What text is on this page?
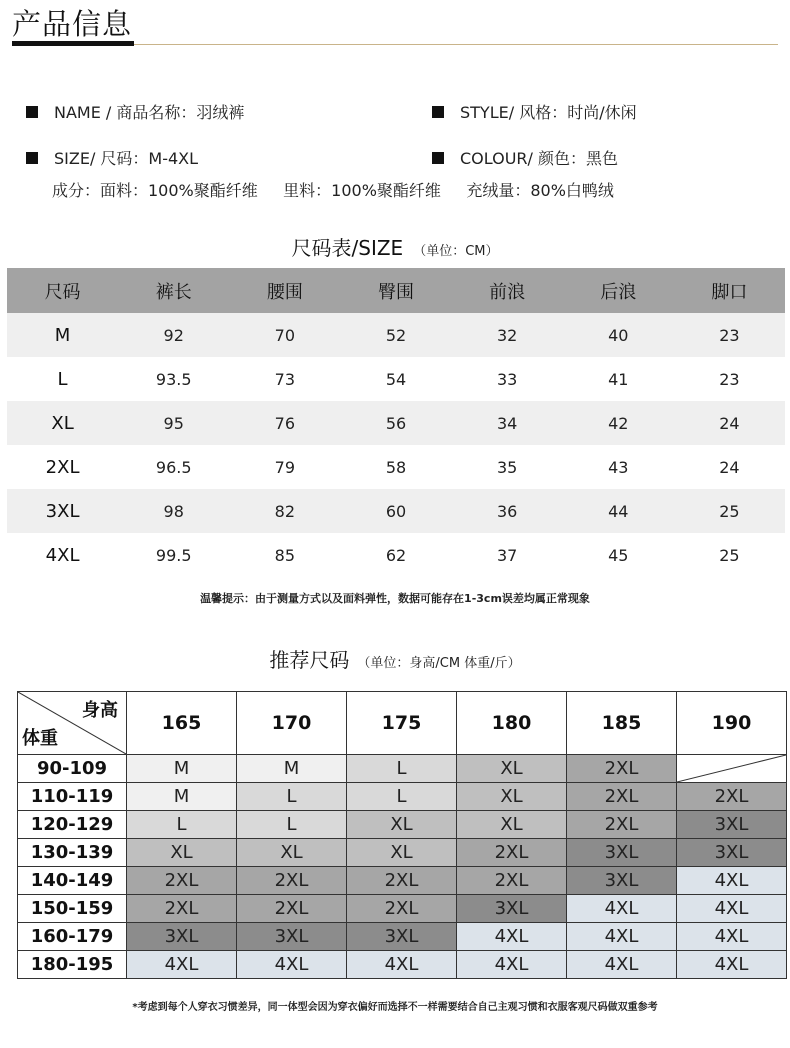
产品信息
NAME / 商品名称：羽绒裤	STYLE/ 风格：时尚/休闲
SIZE/ 尺码：M-4XL	COLOUR/ 颜色：黑色
成分：面料：100%聚酯纤维     里料：100%聚酯纤维     充绒量：80%白鸭绒
尺码表/SIZE （单位：CM）
尺码	裤长	腰围	臀围	前浪	后浪	脚口
M	92	70	52	32	40	23
L	93.5	73	54	33	41	23
XL	95	76	56	34	42	24
2XL	96.5	79	58	35	43	24
3XL	98	82	60	36	44	25
4XL	99.5	85	62	37	45	25
温馨提示：由于测量方式以及面料弹性，数据可能存在1-3cm误差均属正常现象
推荐尺码 （单位：身高/CM 体重/斤）
身高
体重	165	170	175	180	185	190
90-109	M	M	L	XL	2XL	

110-119	M	L	L	XL	2XL	2XL
120-129	L	L	XL	XL	2XL	3XL
130-139	XL	XL	XL	2XL	3XL	3XL
140-149	2XL	2XL	2XL	2XL	3XL	4XL
150-159	2XL	2XL	2XL	3XL	4XL	4XL
160-179	3XL	3XL	3XL	4XL	4XL	4XL
180-195	4XL	4XL	4XL	4XL	4XL	4XL
*考虑到每个人穿衣习惯差异，同一体型会因为穿衣偏好而选择不一样需要结合自己主观习惯和衣服客观尺码做双重参考
